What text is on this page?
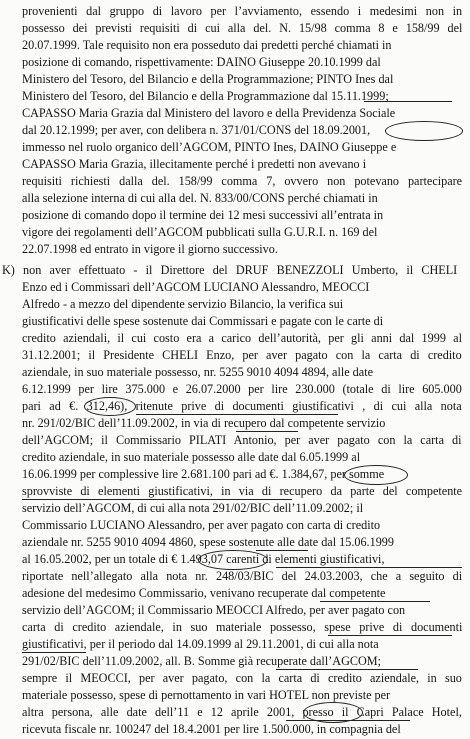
provenienti dal gruppo di lavoro per l’avviamento, essendo i medesimi non in
possesso dei previsti requisiti di cui alla del. N. 15/98 comma 8 e 158/99 del
20.07.1999. Tale requisito non era posseduto dai predetti perché chiamati in
posizione di comando, rispettivamente: DAINO Giuseppe 20.10.1999 dal
Ministero del Tesoro, del Bilancio e della Programmazione; PINTO Ines dal
Ministero del Tesoro, del Bilancio e della Programmazione dal 15.11.1999;
CAPASSO Maria Grazia dal Ministero del lavoro e della Previdenza Sociale
dal 20.12.1999; per aver, con delibera n. 371/01/CONS del 18.09.2001,
immesso nel ruolo organico dell’AGCOM, PINTO Ines, DAINO Giuseppe e
CAPASSO Maria Grazia, illecitamente perché i predetti non avevano i
requisiti richiesti dalla del. 158/99 comma 7, ovvero non potevano partecipare
alla selezione interna di cui alla del. N. 833/00/CONS perché chiamati in
posizione di comando dopo il termine dei 12 mesi successivi all’entrata in
vigore dei regolamenti dell’AGCOM pubblicati sulla G.U.R.I. n. 169 del
22.07.1998 ed entrato in vigore il giorno successivo.
K) non aver effettuato - il Direttore del DRUF BENEZZOLI Umberto, il CHELI
Enzo ed i Commissari dell’AGCOM LUCIANO Alessandro, MEOCCI
Alfredo - a mezzo del dipendente servizio Bilancio, la verifica sui
giustificativi delle spese sostenute dai Commissari e pagate con le carte di
credito aziendali, il cui costo era a carico dell’autorità, per gli anni dal 1999 al
31.12.2001; il Presidente CHELI Enzo, per aver pagato con la carta di credito
aziendale, in suo materiale possesso, nr. 5255 9010 4094 4894, alle date
6.12.1999 per lire 375.000 e 26.07.2000 per lire 230.000 (totale di lire 605.000
pari ad €. 312,46), ritenute prive di documenti giustificativi , di cui alla nota
nr. 291/02/BIC dell’11.09.2002, in via di recupero dal competente servizio
dell’AGCOM; il Commissario PILATI Antonio, per aver pagato con la carta di
credito aziendale, in suo materiale possesso alle date dal 6.05.1999 al
16.06.1999 per complessive lire 2.681.100 pari ad €. 1.384,67, per somme
sprovviste di elementi giustificativi, in via di recupero da parte del competente
servizio dell’AGCOM, di cui alla nota 291/02/BIC dell’11.09.2002; il
Commissario LUCIANO Alessandro, per aver pagato con carta di credito
aziendale nr. 5255 9010 4094 4860, spese sostenute alle date dal 15.06.1999
al 16.05.2002, per un totale di € 1.493,07 carenti di elementi giustificativi,
riportate nell’allegato alla nota nr. 248/03/BIC del 24.03.2003, che a seguito di
adesione del medesimo Commissario, venivano recuperate dal competente
servizio dell’AGCOM; il Commissario MEOCCI Alfredo, per aver pagato con
carta di credito aziendale, in suo materiale possesso, spese prive di documenti
giustificativi, per il periodo dal 14.09.1999 al 29.11.2001, di cui alla nota
291/02/BIC dell’11.09.2002, all. B. Somme già recuperate dall’AGCOM;
sempre il MEOCCI, per aver pagato, con la carta di credito aziendale, in suo
materiale possesso, spese di pernottamento in vari HOTEL non previste per
altra persona, alle date dell’11 e 12 aprile 2001, presso il Capri Palace Hotel,
ricevuta fiscale nr. 100247 del 18.4.2001 per lire 1.500.000, in compagnia del
